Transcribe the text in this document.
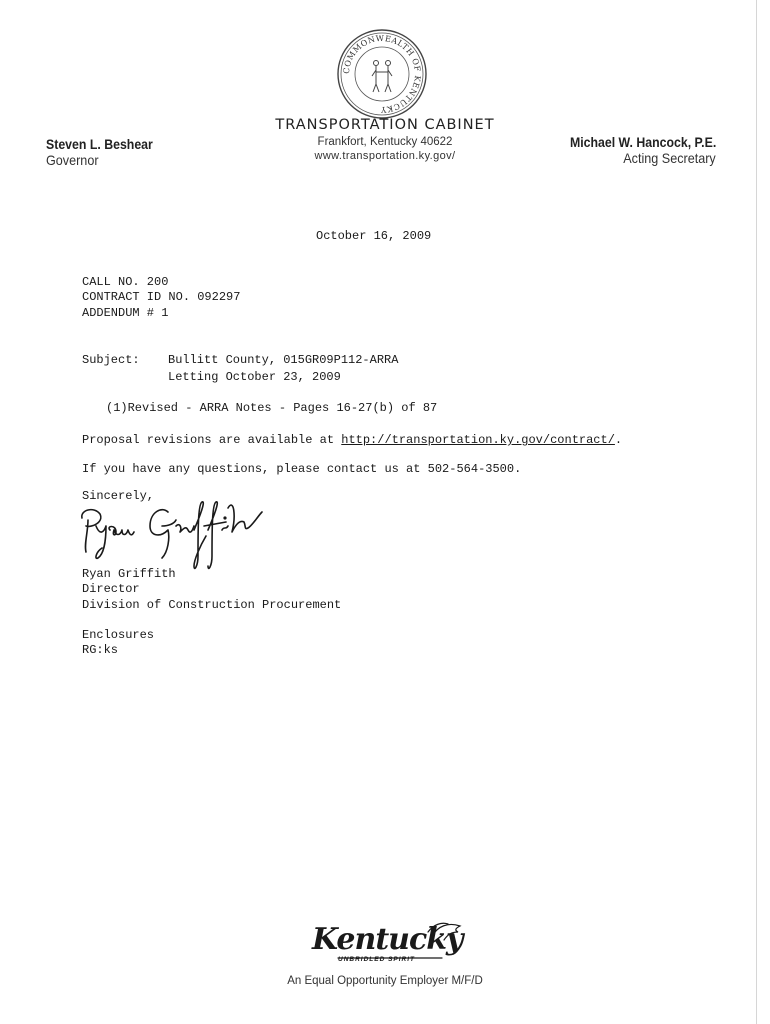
COMMONWEALTH OF KENTUCKY
TRANSPORTATION CABINET
Frankfort, Kentucky 40622
www.transportation.ky.gov/
Steven L. Beshear
Governor
Michael W. Hancock, P.E.
Acting Secretary
October 16, 2009
CALL NO. 200
CONTRACT ID NO. 092297
ADDENDUM # 1
Subject: Bullitt County, 015GR09P112-ARRA
Letting October 23, 2009
(1)Revised - ARRA Notes - Pages 16-27(b) of 87
Proposal revisions are available at http://transportation.ky.gov/contract/.
If you have any questions, please contact us at 502-564-3500.
Sincerely,
Ryan Griffith
Director
Division of Construction Procurement
Enclosures
RG:ks
Kentucky
UNBRIDLED SPIRIT
An Equal Opportunity Employer M/F/D
